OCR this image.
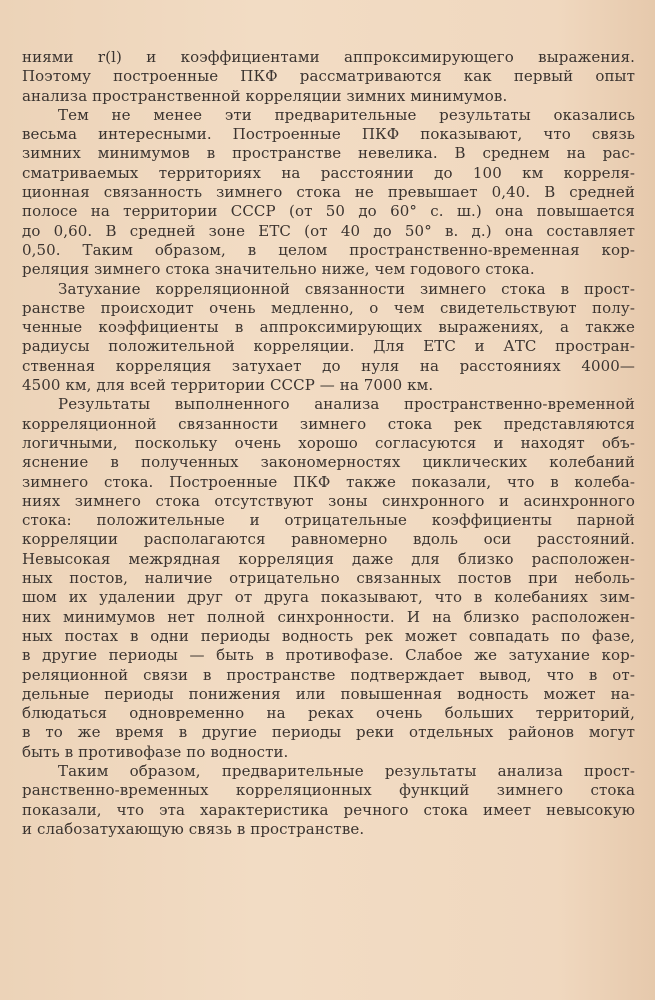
ниями r(l) и коэффициентами аппроксимирующего выражения.
Поэтому построенные ПКФ рассматриваются как первый опыт
анализа пространственной корреляции зимних минимумов.
Тем не менее эти предварительные результаты оказались
весьма интересными. Построенные ПКФ показывают, что связь
зимних минимумов в пространстве невелика. В среднем на рас-
сматриваемых территориях на расстоянии до 100 км корреля-
ционная связанность зимнего стока не превышает 0,40. В средней
полосе на территории СССР (от 50 до 60° с. ш.) она повышается
до 0,60. В средней зоне ЕТС (от 40 до 50° в. д.) она составляет
0,50. Таким образом, в целом пространственно-временная кор-
реляция зимнего стока значительно ниже, чем годового стока.
Затухание корреляционной связанности зимнего стока в прост-
ранстве происходит очень медленно, о чем свидетельствуют полу-
ченные коэффициенты в аппроксимирующих выражениях, а также
радиусы положительной корреляции. Для ЕТС и АТС простран-
ственная корреляция затухает до нуля на расстояниях 4000—
4500 км, для всей территории СССР — на 7000 км.
Результаты выполненного анализа пространственно-временной
корреляционной связанности зимнего стока рек представляются
логичными, поскольку очень хорошо согласуются и находят объ-
яснение в полученных закономерностях циклических колебаний
зимнего стока. Построенные ПКФ также показали, что в колеба-
ниях зимнего стока отсутствуют зоны синхронного и асинхронного
стока: положительные и отрицательные коэффициенты парной
корреляции располагаются равномерно вдоль оси расстояний.
Невысокая межрядная корреляция даже для близко расположен-
ных постов, наличие отрицательно связанных постов при неболь-
шом их удалении друг от друга показывают, что в колебаниях зим-
них минимумов нет полной синхронности. И на близко расположен-
ных постах в одни периоды водность рек может совпадать по фазе,
в другие периоды — быть в противофазе. Слабое же затухание кор-
реляционной связи в пространстве подтверждает вывод, что в от-
дельные периоды понижения или повышенная водность может на-
блюдаться одновременно на реках очень больших территорий,
в то же время в другие периоды реки отдельных районов могут
быть в противофазе по водности.
Таким образом, предварительные результаты анализа прост-
ранственно-временных корреляционных функций зимнего стока
показали, что эта характеристика речного стока имеет невысокую
и слабозатухающую связь в пространстве.
